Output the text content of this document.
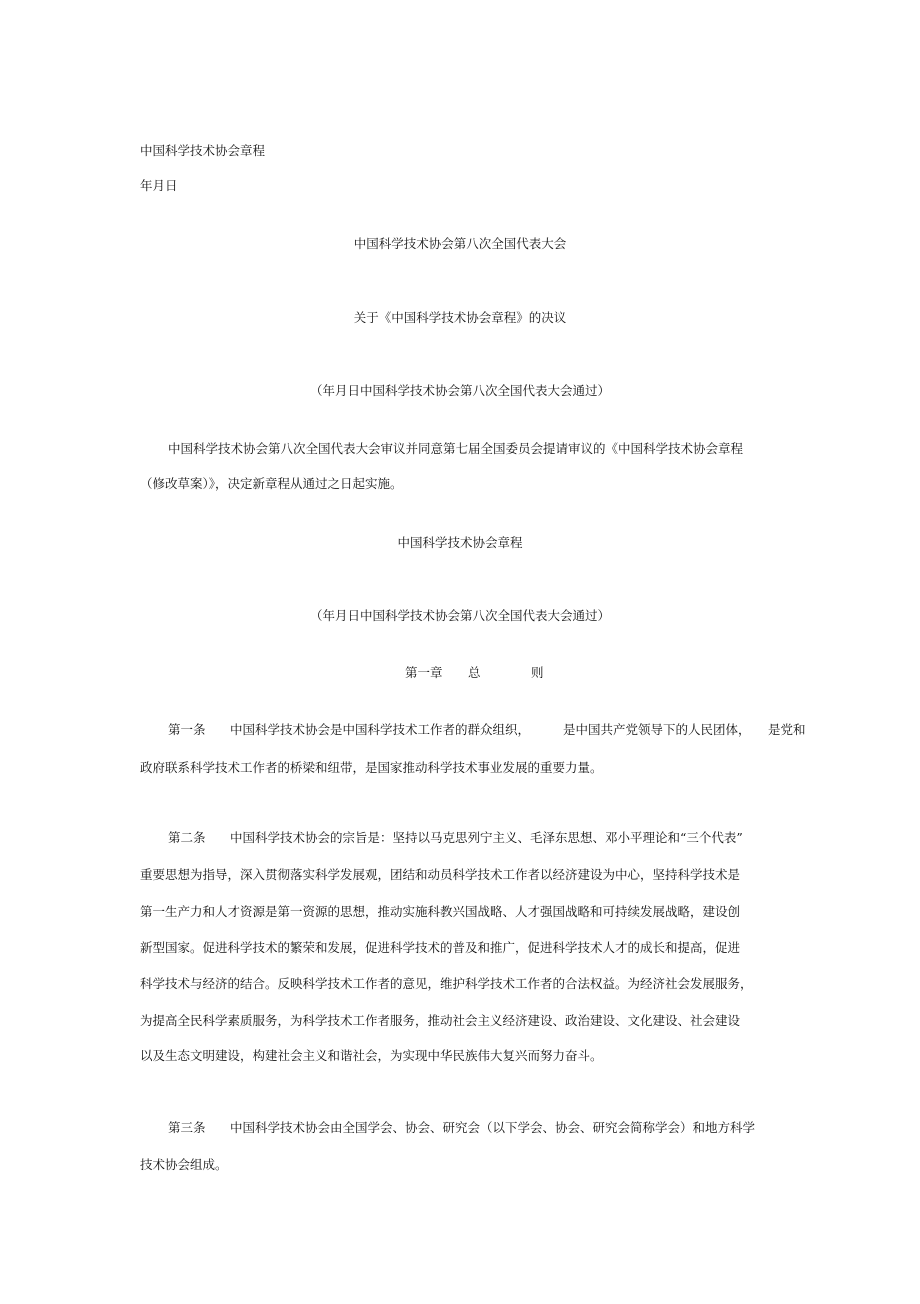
中国科学技术协会章程
年月日
中国科学技术协会第八次全国代表大会
关于《中国科学技术协会章程》的决议
（年月日中国科学技术协会第八次全国代表大会通过）
中国科学技术协会第八次全国代表大会审议并同意第七届全国委员会提请审议的《中国科学技术协会章程
（修改草案）》，决定新章程从通过之日起实施。
中国科学技术协会章程
（年月日中国科学技术协会第八次全国代表大会通过）
第一章 总	则
第一条 中国科学技术协会是中国科学技术工作者的群众组织，	是中国共产党领导下的人民团体， 是党和
政府联系科学技术工作者的桥梁和纽带，是国家推动科学技术事业发展的重要力量。
第二条 中国科学技术协会的宗旨是：坚持以马克思列宁主义、毛泽东思想、邓小平理论和“三个代表”
重要思想为指导，深入贯彻落实科学发展观，团结和动员科学技术工作者以经济建设为中心，坚持科学技术是
第一生产力和人才资源是第一资源的思想，推动实施科教兴国战略、人才强国战略和可持续发展战略，建设创
新型国家。促进科学技术的繁荣和发展，促进科学技术的普及和推广，促进科学技术人才的成长和提高，促进
科学技术与经济的结合。反映科学技术工作者的意见，维护科学技术工作者的合法权益。为经济社会发展服务，
为提高全民科学素质服务，为科学技术工作者服务，推动社会主义经济建设、政治建设、文化建设、社会建设
以及生态文明建设，构建社会主义和谐社会，为实现中华民族伟大复兴而努力奋斗。
第三条 中国科学技术协会由全国学会、协会、研究会（以下学会、协会、研究会简称学会）和地方科学
技术协会组成。
